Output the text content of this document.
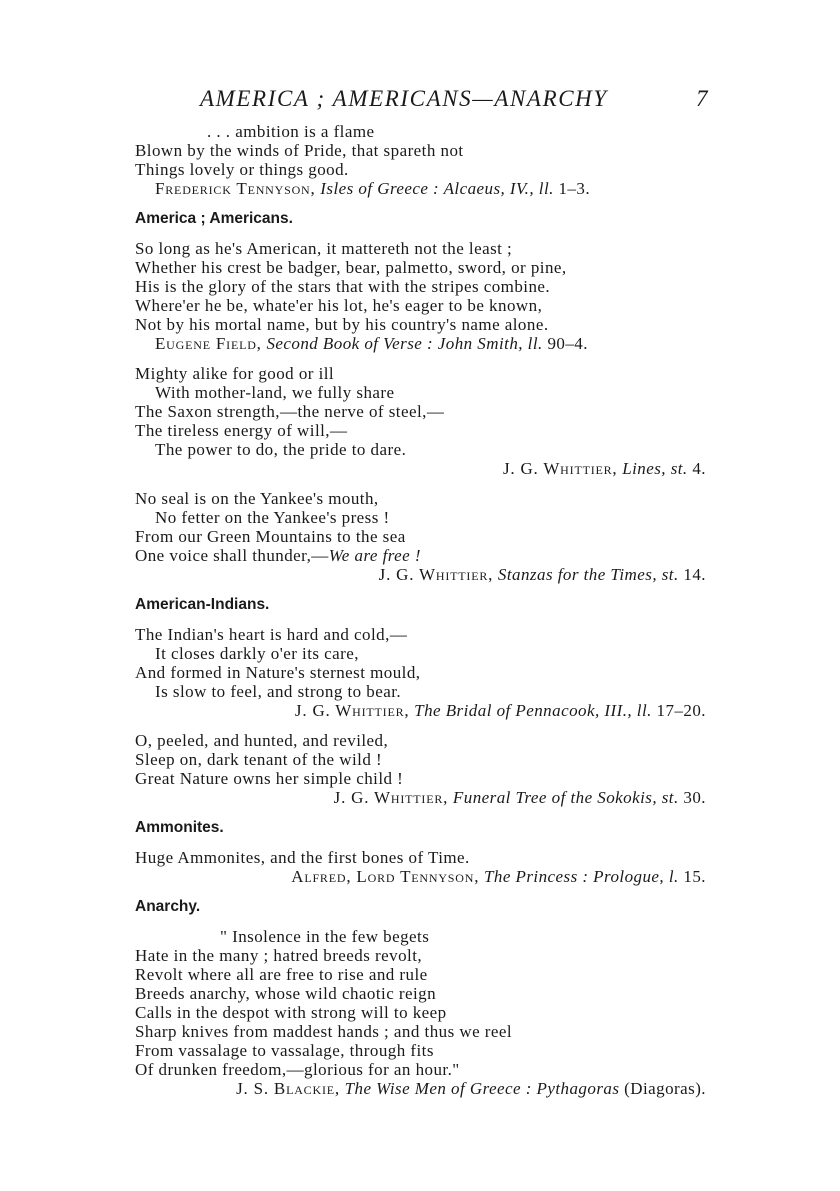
AMERICA ; AMERICANS—ANARCHY	7
. . . ambition is a flame
Blown by the winds of Pride, that spareth not
Things lovely or things good.
Frederick Tennyson, Isles of Greece : Alcaeus, IV., ll. 1–3.
America ; Americans.
So long as he's American, it mattereth not the least ;
Whether his crest be badger, bear, palmetto, sword, or pine,
His is the glory of the stars that with the stripes combine.
Where'er he be, whate'er his lot, he's eager to be known,
Not by his mortal name, but by his country's name alone.
Eugene Field, Second Book of Verse : John Smith, ll. 90–4.
Mighty alike for good or ill
With mother-land, we fully share
The Saxon strength,—the nerve of steel,—
The tireless energy of will,—
The power to do, the pride to dare.
J. G. Whittier, Lines, st. 4.
No seal is on the Yankee's mouth,
No fetter on the Yankee's press !
From our Green Mountains to the sea
One voice shall thunder,—We are free !
J. G. Whittier, Stanzas for the Times, st. 14.
American-Indians.
The Indian's heart is hard and cold,—
It closes darkly o'er its care,
And formed in Nature's sternest mould,
Is slow to feel, and strong to bear.
J. G. Whittier, The Bridal of Pennacook, III., ll. 17–20.
O, peeled, and hunted, and reviled,
Sleep on, dark tenant of the wild !
Great Nature owns her simple child !
J. G. Whittier, Funeral Tree of the Sokokis, st. 30.
Ammonites.
Huge Ammonites, and the first bones of Time.
Alfred, Lord Tennyson, The Princess : Prologue, l. 15.
Anarchy.
" Insolence in the few begets
Hate in the many ; hatred breeds revolt,
Revolt where all are free to rise and rule
Breeds anarchy, whose wild chaotic reign
Calls in the despot with strong will to keep
Sharp knives from maddest hands ; and thus we reel
From vassalage to vassalage, through fits
Of drunken freedom,—glorious for an hour."
J. S. Blackie, The Wise Men of Greece : Pythagoras (Diagoras).
